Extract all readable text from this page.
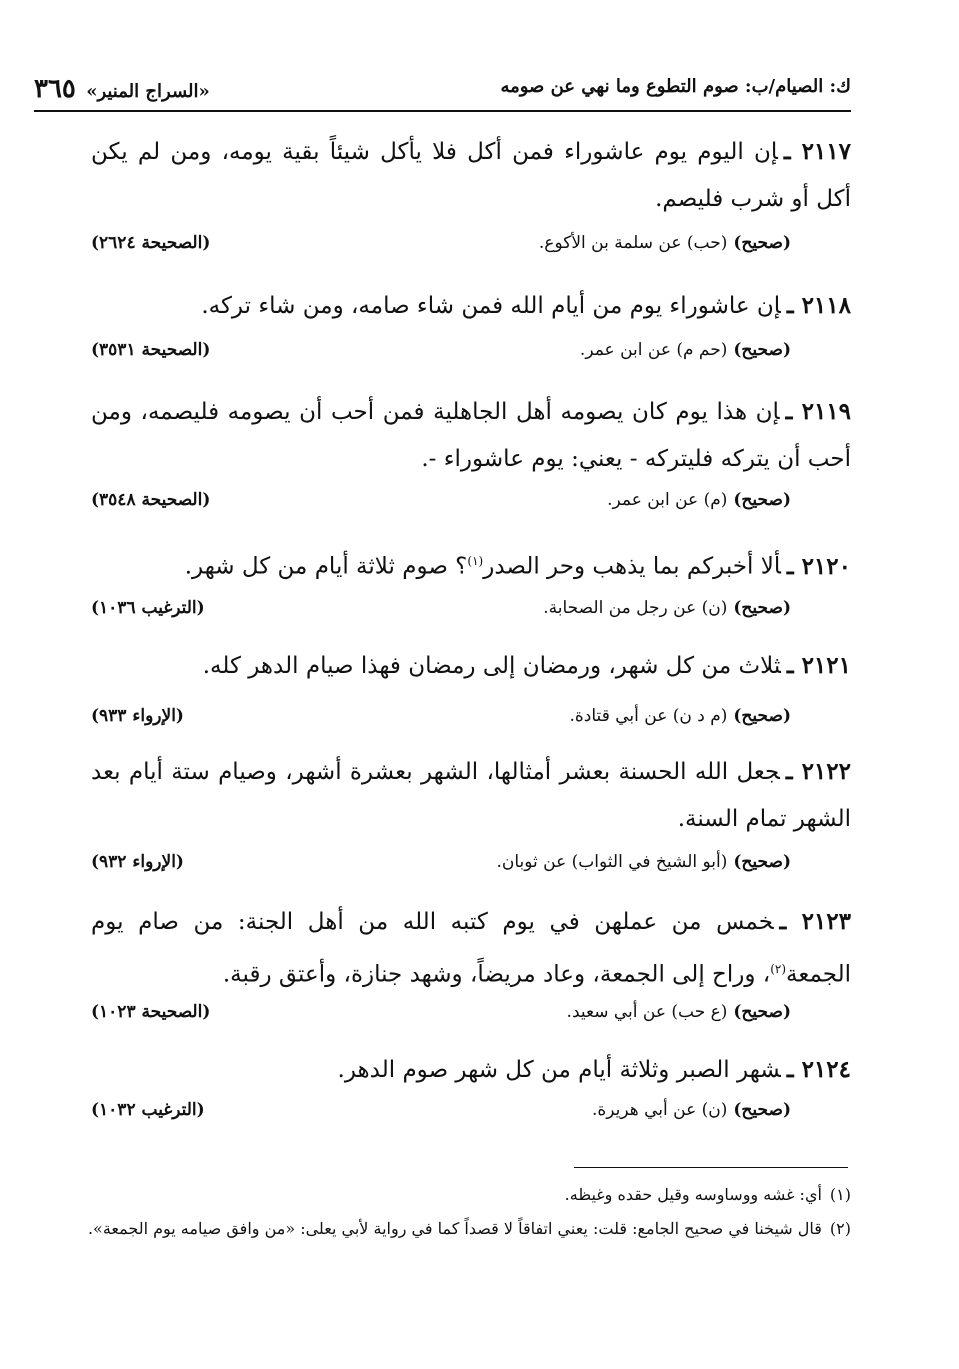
ك: الصيام/ب: صوم التطوع وما نهي عن صومه
«السراج المنير» ٣٦٥
٢١١٧ ـإن اليوم يوم عاشوراء فمن أكل فلا يأكل شيئاً بقية يومه، ومن لم يكن أكل أو شرب فليصم.
(صحيح)(حب) عن سلمة بن الأكوع.
(الصحيحة ٢٦٢٤)
٢١١٨ ـإن عاشوراء يوم من أيام الله فمن شاء صامه، ومن شاء تركه.
(صحيح)(حم م) عن ابن عمر.
(الصحيحة ٣٥٣١)
٢١١٩ ـإن هذا يوم كان يصومه أهل الجاهلية فمن أحب أن يصومه فليصمه، ومن أحب أن يتركه فليتركه - يعني: يوم عاشوراء -.
(صحيح)(م) عن ابن عمر.
(الصحيحة ٣٥٤٨)
٢١٢٠ ـألا أخبركم بما يذهب وحر الصدر$^{(١)}$؟ صوم ثلاثة أيام من كل شهر.
(صحيح)(ن) عن رجل من الصحابة.
(الترغيب ١٠٣٦)
٢١٢١ ـثلاث من كل شهر، ورمضان إلى رمضان فهذا صيام الدهر كله.
(صحيح)(م د ن) عن أبي قتادة.
(الإرواء ٩٣٣)
٢١٢٢ ـجعل الله الحسنة بعشر أمثالها، الشهر بعشرة أشهر، وصيام ستة أيام بعد الشهر تمام السنة.
(صحيح)(أبو الشيخ في الثواب) عن ثوبان.
(الإرواء ٩٣٢)
٢١٢٣ ـخمس من عملهن في يوم كتبه الله من أهل الجنة: من صام يوم الجمعة$^{(٢)}$، وراح إلى الجمعة، وعاد مريضاً، وشهد جنازة، وأعتق رقبة.
(صحيح)(ع حب) عن أبي سعيد.
(الصحيحة ١٠٢٣)
٢١٢٤ ـشهر الصبر وثلاثة أيام من كل شهر صوم الدهر.
(صحيح)(ن) عن أبي هريرة.
(الترغيب ١٠٣٢)
(١)أي: غشه ووساوسه وقيل حقده وغيظه.
(٢)قال شيخنا في صحيح الجامع: قلت: يعني اتفاقاً لا قصداً كما في رواية لأبي يعلى: «من وافق صيامه يوم الجمعة».
